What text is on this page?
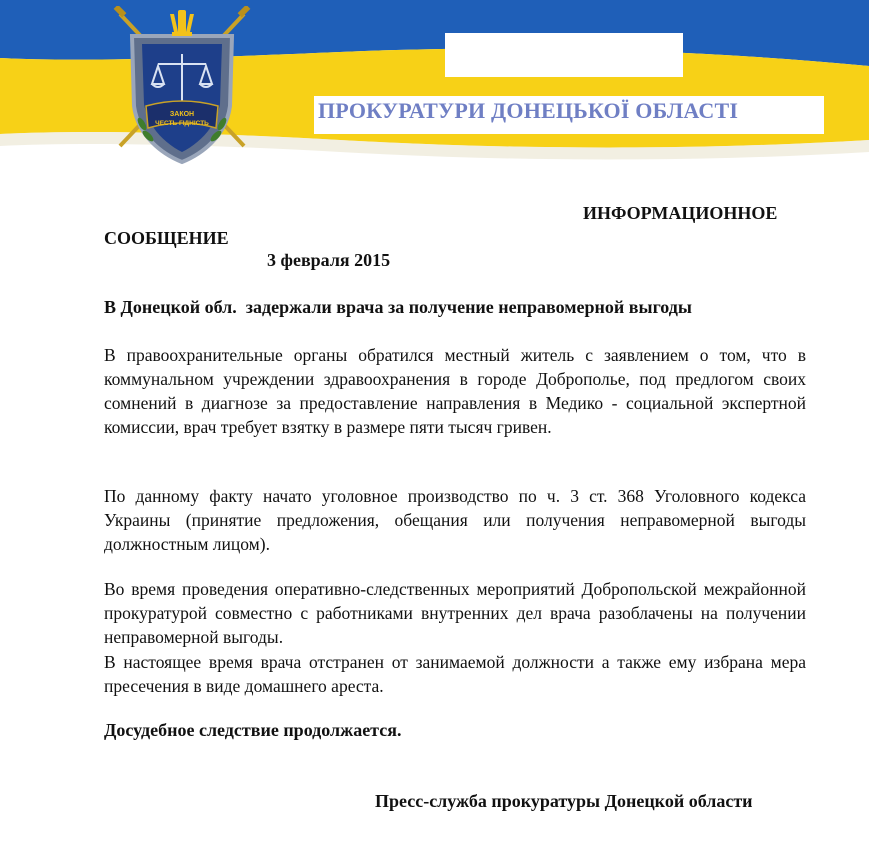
ЗАКОН
ЧЕСТЬ ГІДНІСТЬ
ПРОКУРАТУРИ ДОНЕЦЬКОЇ ОБЛАСТІ
ИНФОРМАЦИОННОЕ
СООБЩЕНИЕ
3 февраля 2015
В Донецкой обл.  задержали врача за получение неправомерной выгоды
В правоохранительные органы обратился местный житель с заявлением о том, что в коммунальном учреждении здравоохранения в городе Доброполье, под предлогом своих сомнений в диагнозе за предоставление направления в Медико - социальной экспертной комиссии, врач требует взятку в размере пяти тысяч гривен.
По данному факту начато уголовное производство по ч. 3 ст. 368 Уголовного кодекса Украины (принятие предложения, обещания или получения неправомерной выгоды должностным лицом).
Во время проведения оперативно-следственных мероприятий Добропольской межрайонной прокуратурой совместно с работниками внутренних дел врача разоблачены на получении неправомерной выгоды.
В настоящее время врача отстранен от занимаемой должности а также ему избрана мера пресечения в виде домашнего ареста.
Досудебное следствие продолжается.
Пресс-служба прокуратуры Донецкой области
